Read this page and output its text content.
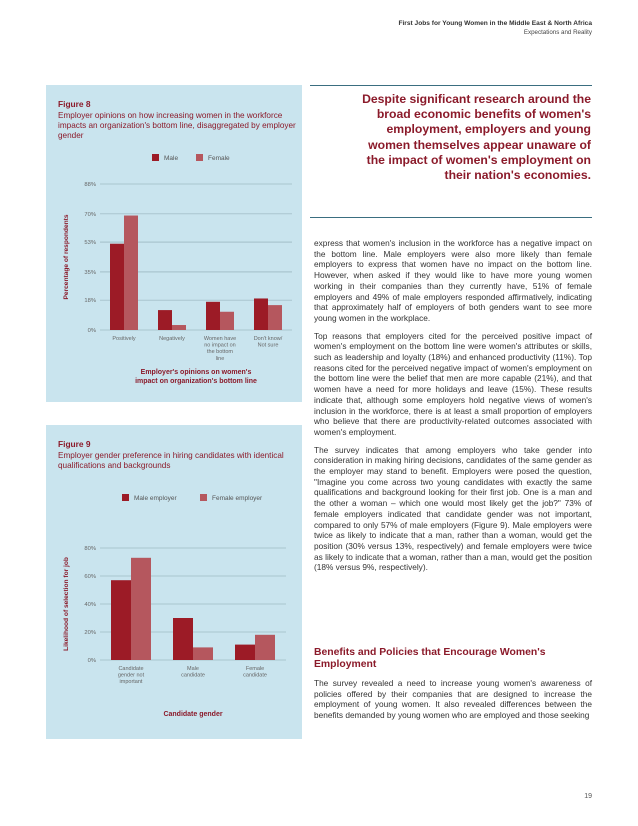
First Jobs for Young Women in the Middle East & North Africa
Expectations and Reality
Figure 8
Employer opinions on how increasing women in the workforce impacts an organization's bottom line, disaggregated by employer gender
Male	Female
0%
18%
35%
53%
70%
88%
Percentage of respondents
Positively	Negatively	Women have
no impact on
the bottom
line
Don't know/
Not sure
Employer's opinions on women's
impact on organization's bottom line
Figure 9
Employer gender preference in hiring candidates with identical qualifications and backgrounds
Male employer	Female employer
0%
20%
40%
60%
80%
Likelihood of selection for job
Candidate
gender not
important
Male
candidate
Female
candidate
Candidate gender
Despite significant research around the broad economic benefits of women's employment, employers and young women themselves appear unaware of the impact of women's employment on their nation's economies.

express that women's inclusion in the workforce has a negative impact on the bottom line. Male employers were also more likely than female employers to express that women have no impact on the bottom line. However, when asked if they would like to have more young women working in their companies than they currently have, 51% of female employers and 49% of male employers responded affirmatively, indicating that approximately half of employers of both genders want to see more young women in the workplace.

Top reasons that employers cited for the perceived positive impact of women's employment on the bottom line were women's attributes or skills, such as leadership and loyalty (18%) and enhanced productivity (11%). Top reasons cited for the perceived negative impact of women's employment on the bottom line were the belief that men are more capable (21%), and that women have a need for more holidays and leave (15%). These results indicate that, although some employers hold negative views of women's inclusion in the workforce, there is at least a small proportion of employers who believe that there are productivity-related outcomes associated with women's employment.

The survey indicates that among employers who take gender into consideration in making hiring decisions, candidates of the same gender as the employer may stand to benefit. Employers were posed the question, "Imagine you come across two young candidates with exactly the same qualifications and background looking for their first job. One is a man and the other a woman – which one would most likely get the job?" 73% of female employers indicated that candidate gender was not important, compared to only 57% of male employers (Figure 9). Male employers were twice as likely to indicate that a man, rather than a woman, would get the position (30% versus 13%, respectively) and female employers were twice as likely to indicate that a woman, rather than a man, would get the position (18% versus 9%, respectively).

Benefits and Policies that Encourage Women's Employment

The survey revealed a need to increase young women's awareness of policies offered by their companies that are designed to increase the employment of young women. It also revealed differences between the benefits demanded by young women who are employed and those seeking

19
